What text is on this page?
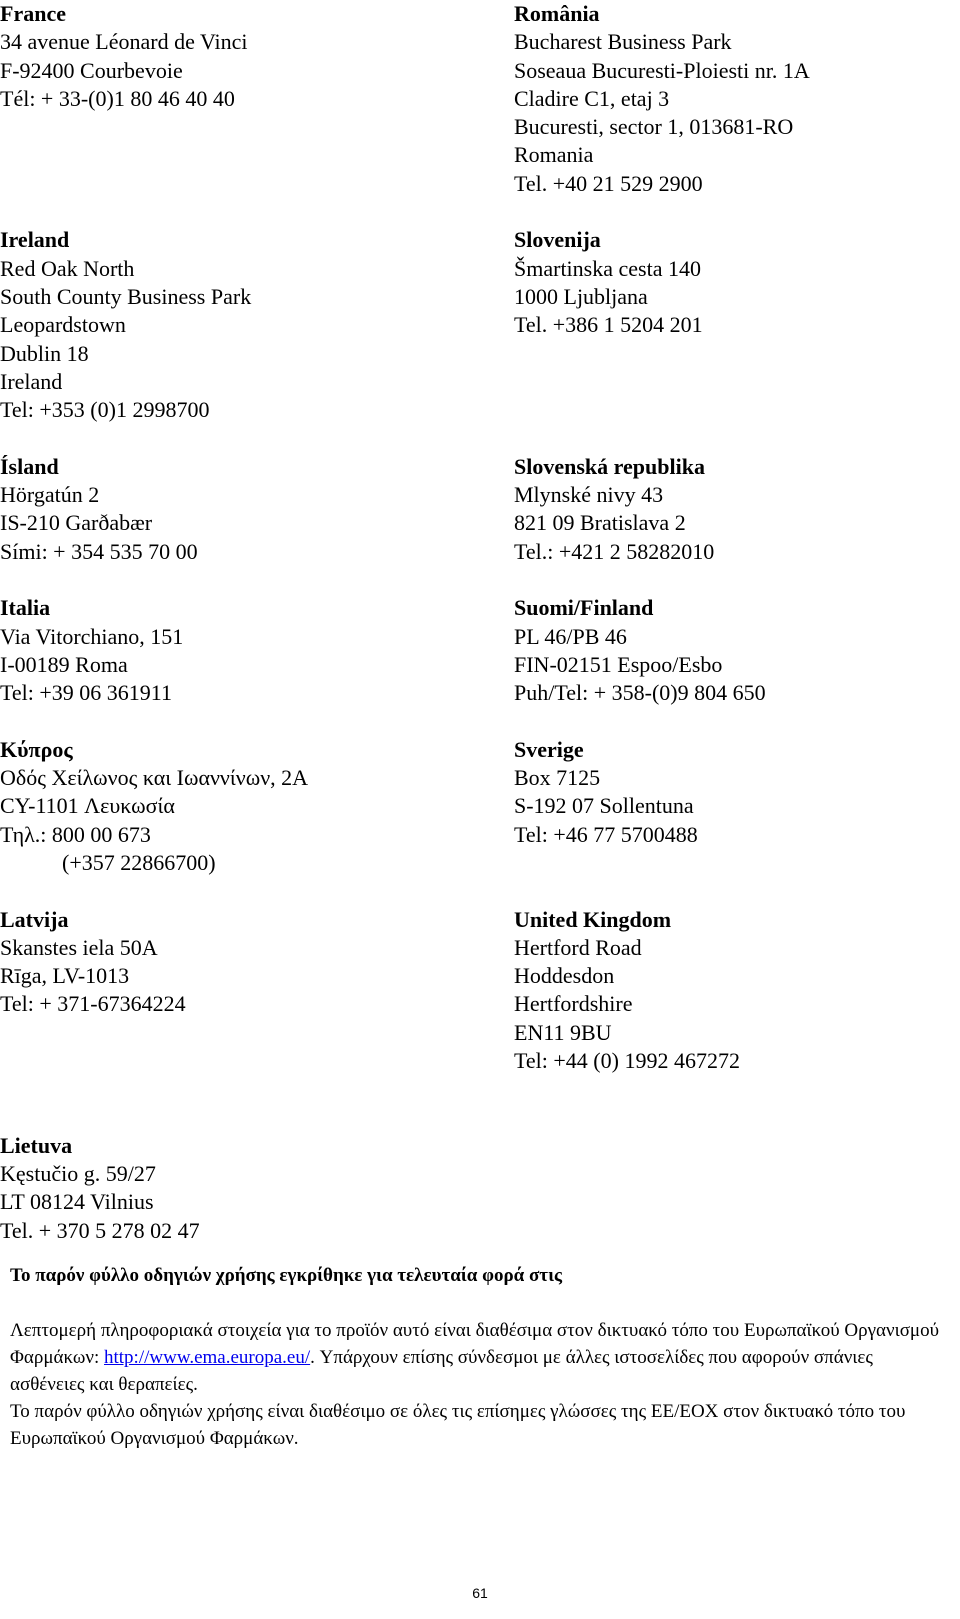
France
34 avenue Léonard de Vinci
F-92400 Courbevoie
Tél: + 33-(0)1 80 46 40 40
Ireland
Red Oak North
South County Business Park
Leopardstown
Dublin 18
Ireland
Tel: +353 (0)1 2998700
Ísland
Hörgatún 2
IS-210 Garðabær
Sími: + 354 535 70 00
Italia
Via Vitorchiano, 151
I-00189 Roma
Tel: +39 06 361911
Κύπρος
Οδός Χείλωνος και Ιωαννίνων, 2Α
CY-1101 Λευκωσία
Τηλ.: 800 00 673
(+357 22866700)
Latvija
Skanstes iela 50A
Rīga, LV-1013
Tel: + 371-67364224
Lietuva
Kęstučio g. 59/27
LT 08124 Vilnius
Tel. + 370 5 278 02 47
România
Bucharest Business Park
Soseaua Bucuresti-Ploiesti nr. 1A
Cladire C1, etaj 3
Bucuresti, sector 1, 013681-RO
Romania
Tel. +40 21 529 2900
Slovenija
Šmartinska cesta 140
1000 Ljubljana
Tel. +386 1 5204 201
Slovenská republika
Mlynské nivy 43
821 09 Bratislava 2
Tel.: +421 2 58282010
Suomi/Finland
PL 46/PB 46
FIN-02151 Espoo/Esbo
Puh/Tel: + 358-(0)9 804 650
Sverige
Box 7125
S-192 07 Sollentuna
Tel: +46 77 5700488
United Kingdom
Hertford Road
Hoddesdon
Hertfordshire
EN11 9BU
Tel: +44 (0) 1992 467272

Το παρόν φύλλο οδηγιών χρήσης εγκρίθηκε για τελευταία φορά στις

Λεπτομερή πληροφοριακά στοιχεία για το προϊόν αυτό είναι διαθέσιμα στον δικτυακό τόπο του Ευρωπαϊκού Οργανισμού Φαρμάκων: http://www.ema.europa.eu/. Υπάρχουν επίσης σύνδεσμοι με άλλες ιστοσελίδες που αφορούν σπάνιες ασθένειες και θεραπείες.

Το παρόν φύλλο οδηγιών χρήσης είναι διαθέσιμο σε όλες τις επίσημες γλώσσες της ΕΕ/ΕΟΧ στον δικτυακό τόπο του Ευρωπαϊκού Οργανισμού Φαρμάκων.

61
